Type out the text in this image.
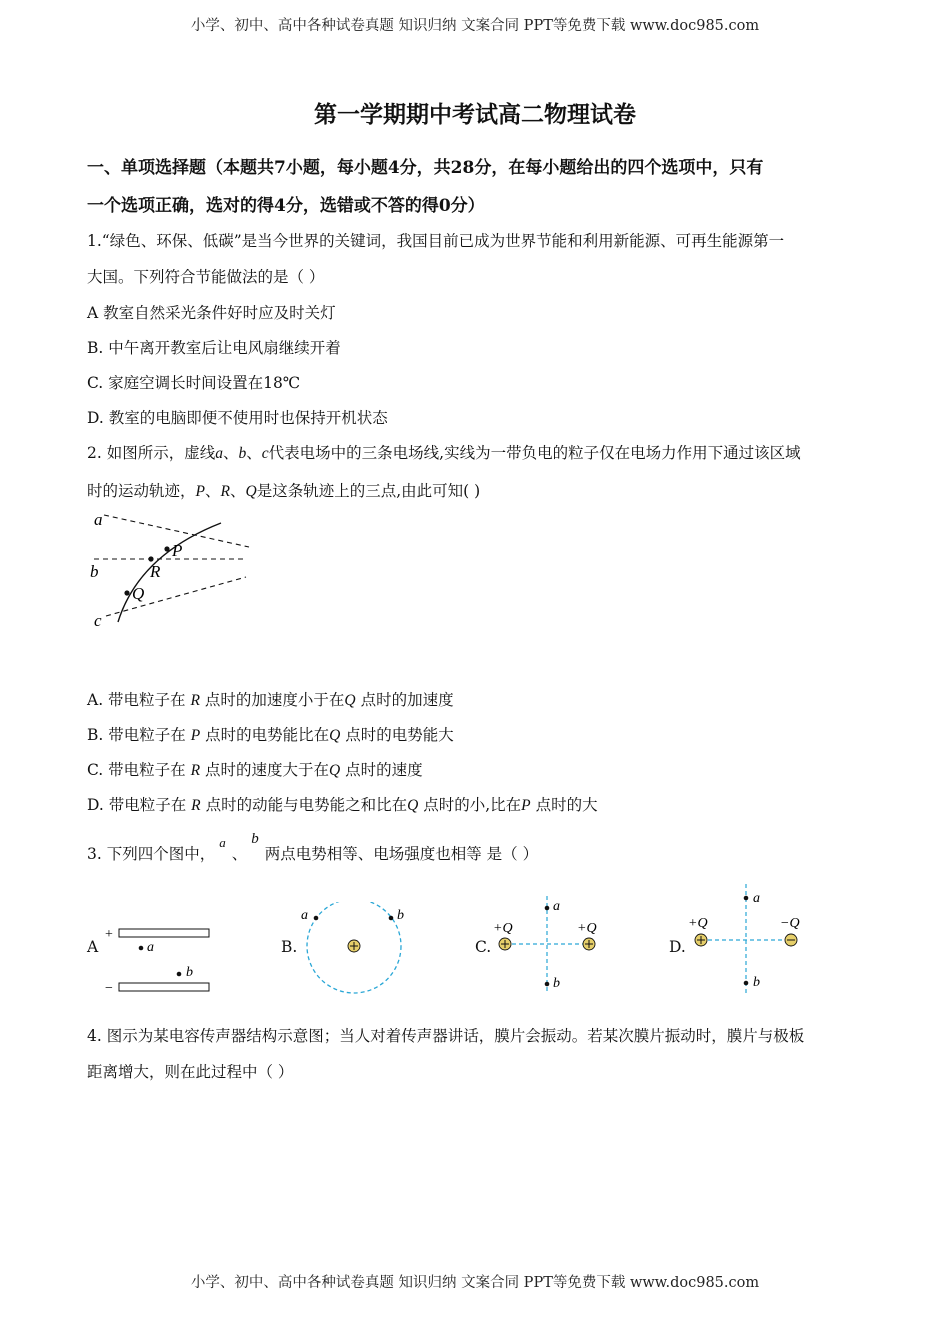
小学、初中、高中各种试卷真题 知识归纳 文案合同 PPT等免费下载 www.doc985.com
第一学期期中考试高二物理试卷
一、单项选择题（本题共7小题，每小题4分，共28分，在每小题给出的四个选项中，只有
一个选项正确，选对的得4分，选错或不答的得0分）
1.“绿色、环保、低碳”是当今世界的关键词，我国目前已成为世界节能和利用新能源、可再生能源第一
大国。下列符合节能做法的是（ ）
A 教室自然采光条件好时应及时关灯
B. 中午离开教室后让电风扇继续开着
C. 家庭空调长时间设置在18℃
D. 教室的电脑即便不使用时也保持开机状态
2. 如图所示，虚线a、b、c代表电场中的三条电场线,实线为一带负电的粒子仅在电场力作用下通过该区域
时的运动轨迹，P、R、Q是这条轨迹上的三点,由此可知( )
a
b
c
P
R
Q
A. 带电粒子在 R 点时的加速度小于在Q 点时的加速度
B. 带电粒子在 P 点时的电势能比在Q 点时的电势能大
C. 带电粒子在 R 点时的速度大于在Q 点时的速度
D. 带电粒子在 R 点时的动能与电势能之和比在Q 点时的小,比在P 点时的大
3. 下列四个图中，$^a$、b两点电势相等、电场强度也相等 是（ ）
A	B.	C.	D.
+
−
a
b
a	b
+Q	+Q
a
b
+Q	−Q
a
b
4. 图示为某电容传声器结构示意图；当人对着传声器讲话，膜片会振动。若某次膜片振动时，膜片与极板
距离增大，则在此过程中（ ）
小学、初中、高中各种试卷真题 知识归纳 文案合同 PPT等免费下载 www.doc985.com
